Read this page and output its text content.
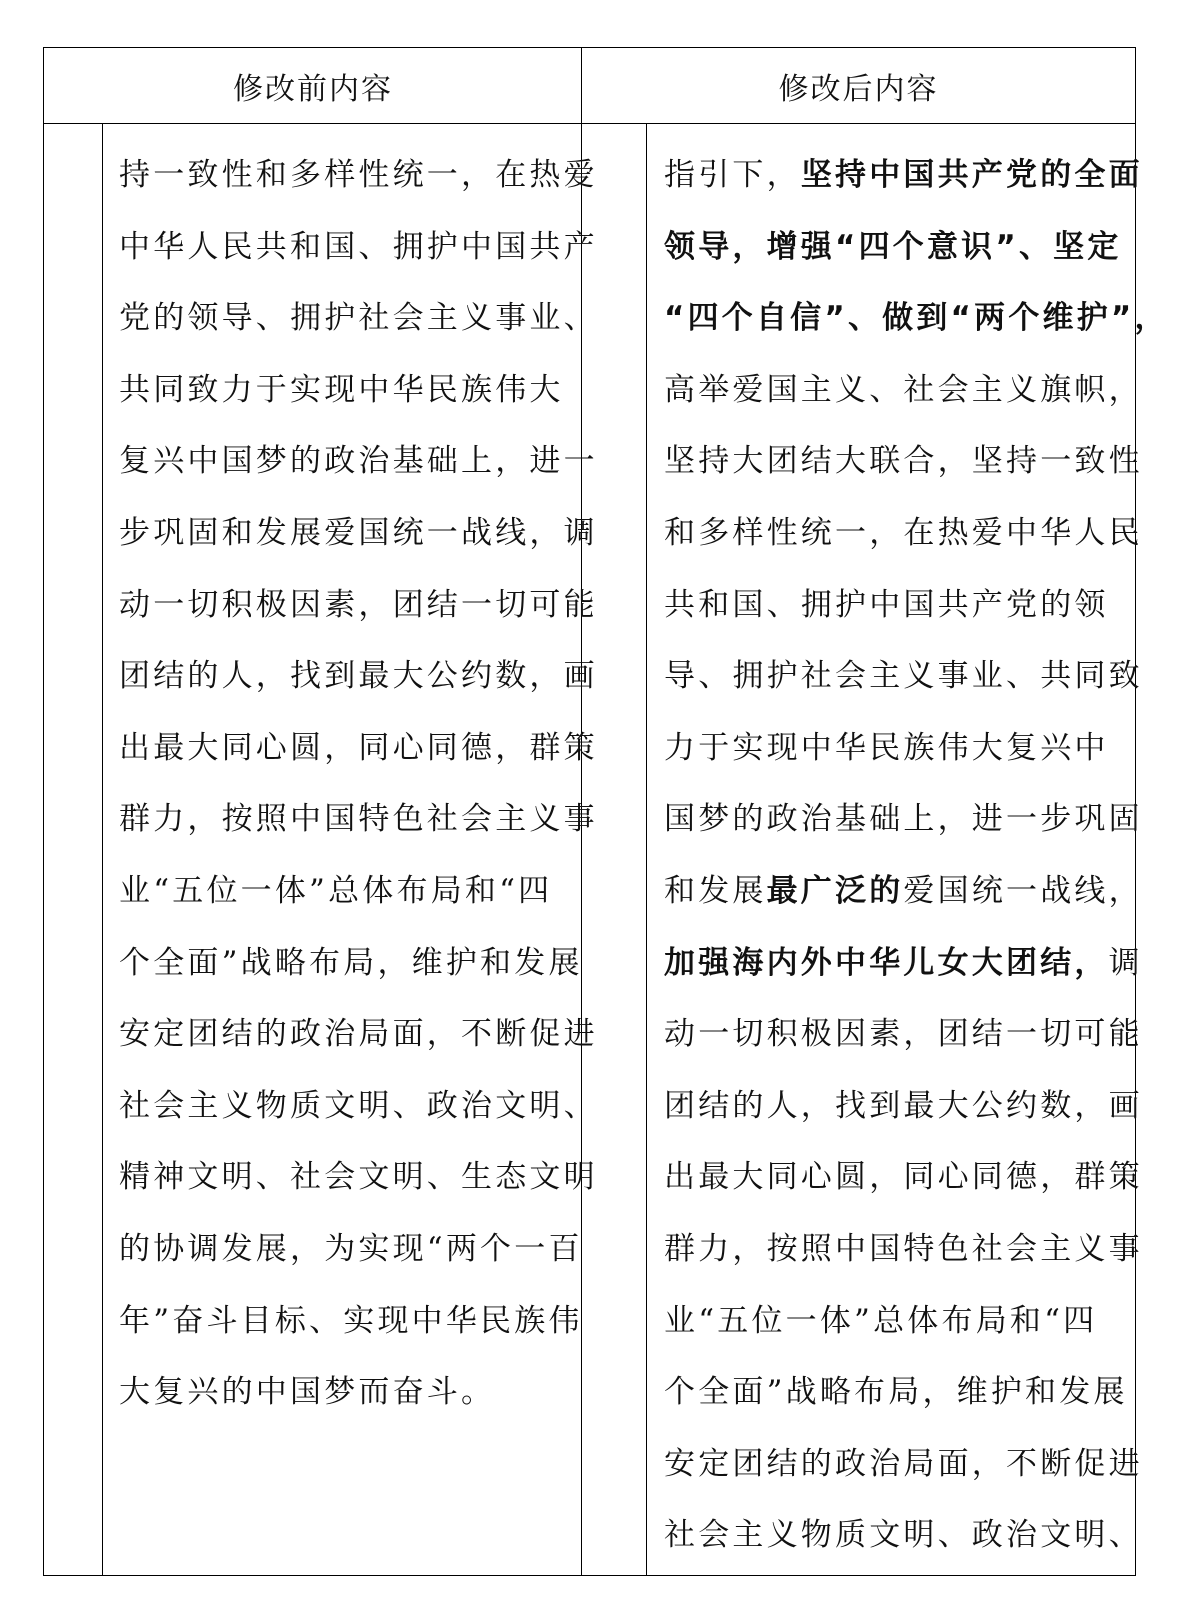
修改前内容	修改后内容
持一致性和多样性统一，在热爱
中华人民共和国、拥护中国共产
党的领导、拥护社会主义事业、
共同致力于实现中华民族伟大
复兴中国梦的政治基础上，进一
步巩固和发展爱国统一战线，调
动一切积极因素，团结一切可能
团结的人，找到最大公约数，画
出最大同心圆，同心同德，群策
群力，按照中国特色社会主义事
业“五位一体”总体布局和“四
个全面”战略布局，维护和发展
安定团结的政治局面，不断促进
社会主义物质文明、政治文明、
精神文明、社会文明、生态文明
的协调发展，为实现“两个一百
年”奋斗目标、实现中华民族伟
大复兴的中国梦而奋斗。
指引下，坚持中国共产党的全面
领导，增强“四个意识”、坚定
“四个自信”、做到“两个维护”，
高举爱国主义、社会主义旗帜，
坚持大团结大联合，坚持一致性
和多样性统一，在热爱中华人民
共和国、拥护中国共产党的领
导、拥护社会主义事业、共同致
力于实现中华民族伟大复兴中
国梦的政治基础上，进一步巩固
和发展最广泛的爱国统一战线，
加强海内外中华儿女大团结，调
动一切积极因素，团结一切可能
团结的人，找到最大公约数，画
出最大同心圆，同心同德，群策
群力，按照中国特色社会主义事
业“五位一体”总体布局和“四
个全面”战略布局，维护和发展
安定团结的政治局面，不断促进
社会主义物质文明、政治文明、
